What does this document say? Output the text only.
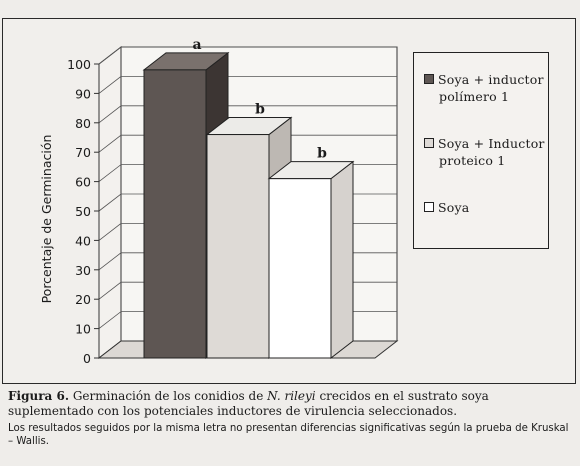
0
10
20
30
40
50
60
70
80
90
100
Porcentaje de Germinación
a
b
b
Soya + inductor
polímero 1
Soya + Inductor
proteico 1
Soya

Figura 6. Germinación de los conidios de N. rileyi crecidos en el sustrato soya suplementado con los potenciales inductores de virulencia seleccionados.

Los resultados seguidos por la misma letra no presentan diferencias significativas según la prueba de Kruskal – Wallis.
